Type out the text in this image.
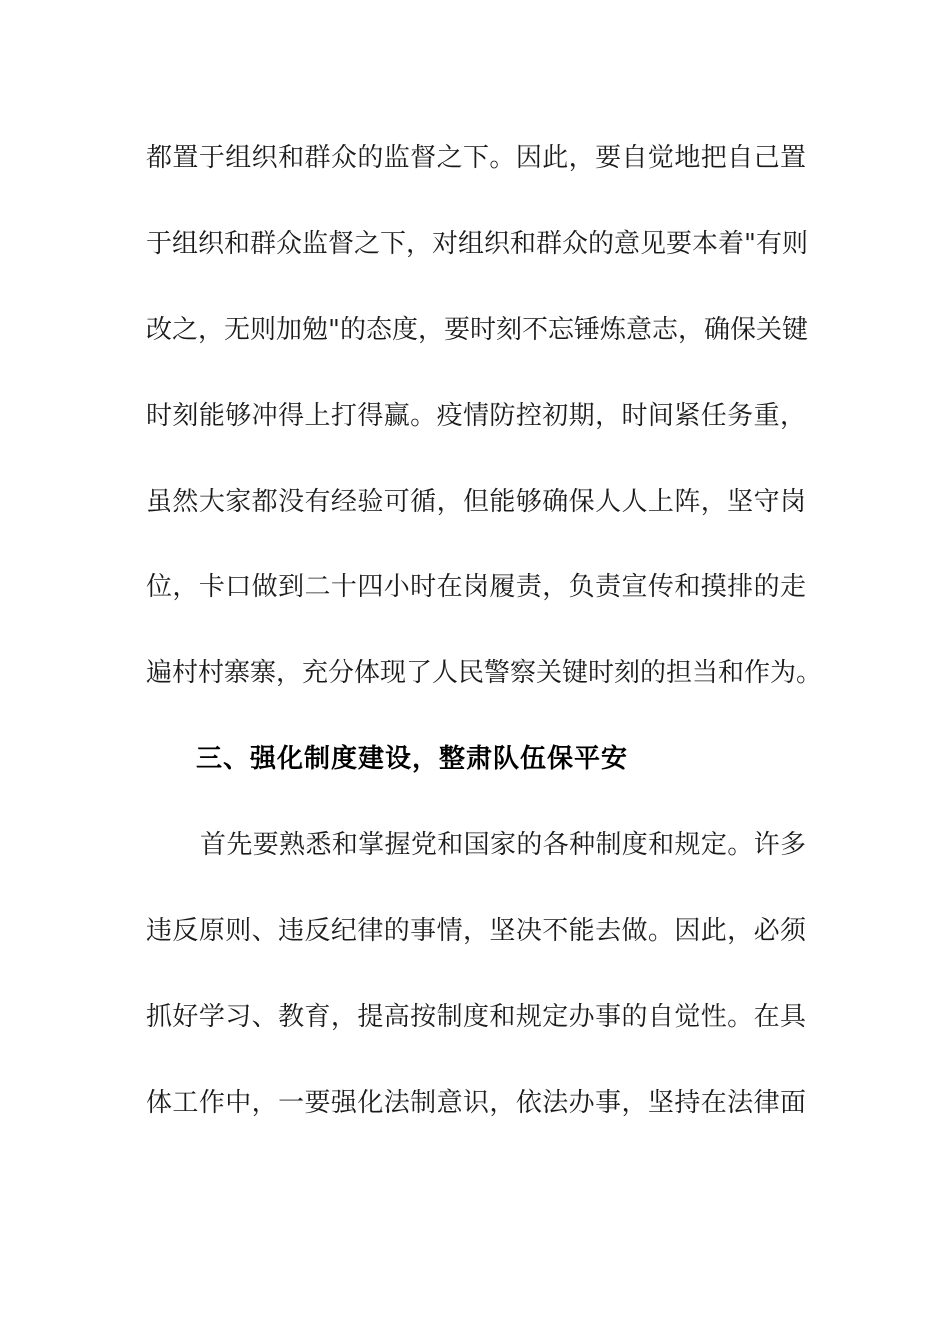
都置于组织和群众的监督之下。因此，要自觉地把自己置
于组织和群众监督之下，对组织和群众的意见要本着"有则
改之，无则加勉"的态度，要时刻不忘锤炼意志，确保关键
时刻能够冲得上打得赢。疫情防控初期，时间紧任务重，
虽然大家都没有经验可循，但能够确保人人上阵，坚守岗
位，卡口做到二十四小时在岗履责，负责宣传和摸排的走
遍村村寨寨，充分体现了人民警察关键时刻的担当和作为。
三、强化制度建设，整肃队伍保平安
首先要熟悉和掌握党和国家的各种制度和规定。许多
违反原则、违反纪律的事情，坚决不能去做。因此，必须
抓好学习、教育，提高按制度和规定办事的自觉性。在具
体工作中，一要强化法制意识，依法办事，坚持在法律面
